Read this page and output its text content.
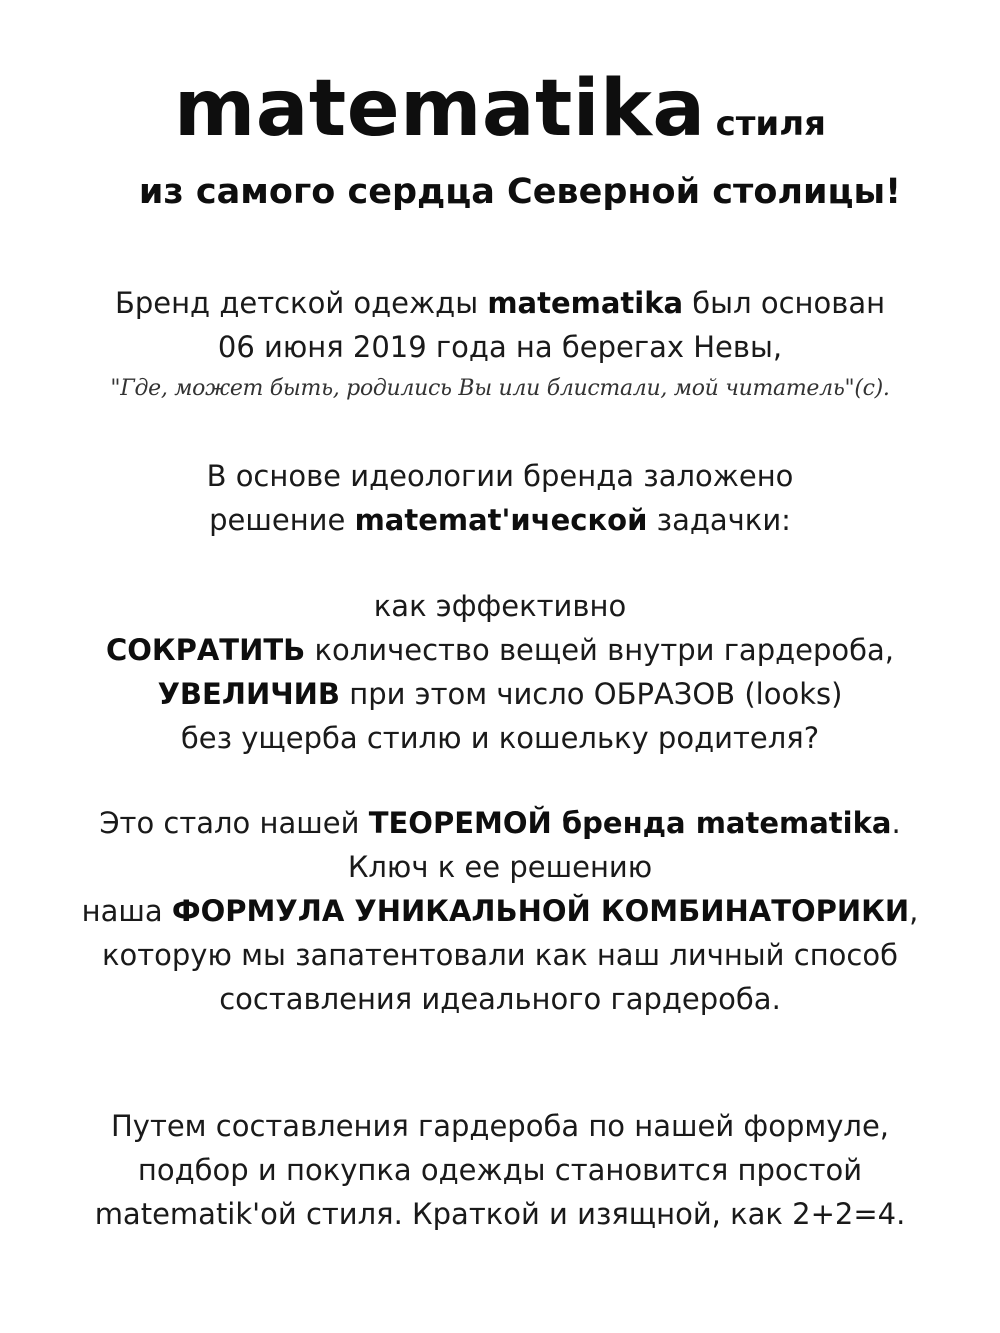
matematika стиля
из самого сердца Северной столицы!
Бренд детской одежды matematika был основан
06 июня 2019 года на берегах Невы,
"Где, может быть, родились Вы или блистали, мой читатель"(с).
В основе идеологии бренда заложено
решение matemat'ической задачки:
как эффективно
СОКРАТИТЬ количество вещей внутри гардероба,
УВЕЛИЧИВ при этом число ОБРАЗОВ (looks)
без ущерба стилю и кошельку родителя?
Это стало нашей ТЕОРЕМОЙ бренда matematika.
Ключ к ее решению
наша ФОРМУЛА УНИКАЛЬНОЙ КОМБИНАТОРИКИ,
которую мы запатентовали как наш личный способ
составления идеального гардероба.
Путем составления гардероба по нашей формуле,
подбор и покупка одежды становится простой
matematik'ой стиля. Краткой и изящной, как 2+2=4.
